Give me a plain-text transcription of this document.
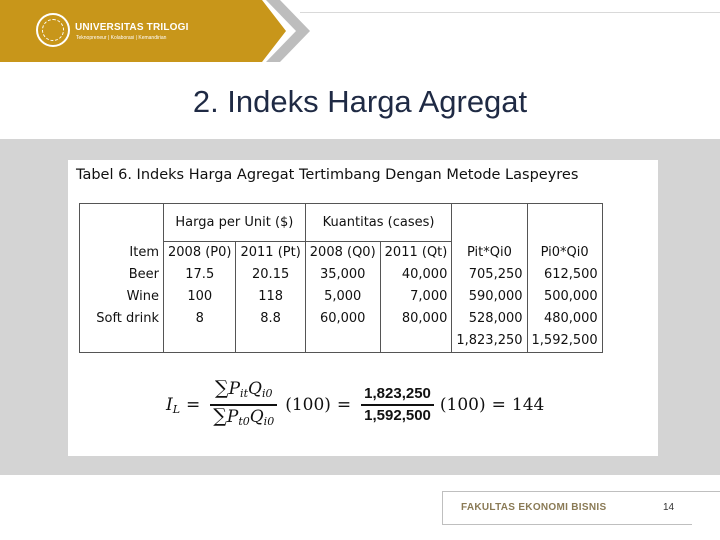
UNIVERSITAS TRILOGI
Teknopreneur | Kolaborasi | Kemandirian
2. Indeks Harga Agregat
Tabel 6. Indeks Harga Agregat Tertimbang Dengan Metode Laspeyres
	Harga per Unit ($)		Kuantitas (cases)			
Item	2008 (P0)	2011 (Pt)	2008 (Q0)	2011 (Qt)	Pit*Qi0	Pi0*Qi0
Beer	17.5	20.15	35,000	40,000	705,250	612,500
Wine	100	118	5,000	7,000	590,000	500,000
Soft drink	8	8.8	60,000	80,000	528,000	480,000
					1,823,250	1,592,500
$I_L = \frac{\sum P_{it}Q_{i0}}{\sum P_{t0}Q_{i0}} (100) = \frac{1,823,250}{1,592,500} (100) = 144$
FAKULTAS EKONOMI BISNIS	14
